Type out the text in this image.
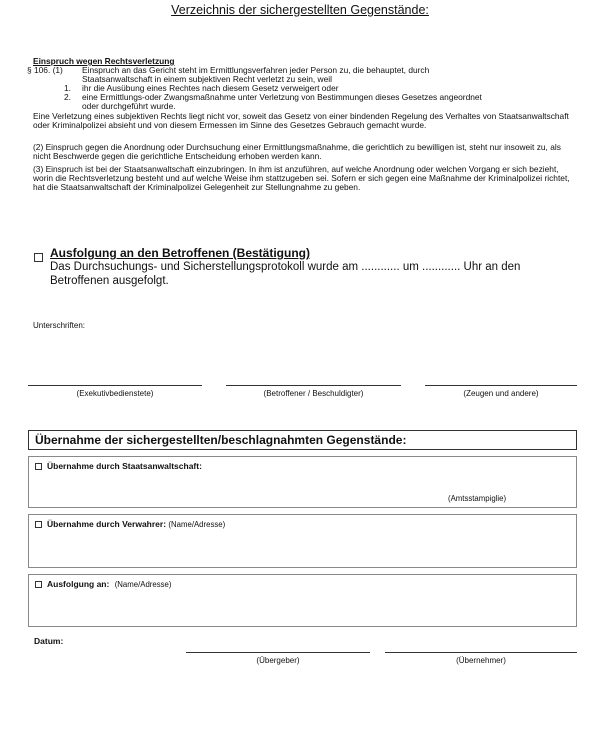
Verzeichnis der sichergestellten Gegenstände:
Einspruch wegen Rechtsverletzung
§ 106. (1) Einspruch an das Gericht steht im Ermittlungsverfahren jeder Person zu, die behauptet, durch
Staatsanwaltschaft in einem subjektiven Recht verletzt zu sein, weil
1. ihr die Ausübung eines Rechtes nach diesem Gesetz verweigert oder
2. eine Ermittlungs-oder Zwangsmaßnahme unter Verletzung von Bestimmungen dieses Gesetzes angeordnet
oder durchgeführt wurde.
Eine Verletzung eines subjektiven Rechts liegt nicht vor, soweit das Gesetz von einer bindenden Regelung des Verhaltes von Staatsanwaltschaft oder Kriminalpolizei absieht und von diesem Ermessen im Sinne des Gesetzes Gebrauch gemacht wurde.
(2) Einspruch gegen die Anordnung oder Durchsuchung einer Ermittlungsmaßnahme, die gerichtlich zu bewilligen ist, steht nur insoweit zu, als nicht Beschwerde gegen die gerichtliche Entscheidung erhoben werden kann.
(3) Einspruch ist bei der Staatsanwaltschaft einzubringen. In ihm ist anzuführen, auf welche Anordnung oder welchen Vorgang er sich bezieht, worin die Rechtsverletzung besteht und auf welche Weise ihm stattzugeben sei. Sofern er sich gegen eine Maßnahme der Kriminalpolizei richtet, hat die Staatsanwaltschaft der Kriminalpolizei Gelegenheit zur Stellungnahme zu geben.
Ausfolgung an den Betroffenen (Bestätigung)
Das Durchsuchungs- und Sicherstellungsprotokoll wurde am ............ um ............ Uhr an den Betroffenen ausgefolgt.
Unterschriften:
(Exekutivbedienstete)	(Betroffener / Beschuldigter)	(Zeugen und andere)
Übernahme der sichergestellten/beschlagnahmten Gegenstände:
Übernahme durch Staatsanwaltschaft:
(Amtsstampiglie)
Übernahme durch Verwahrer: (Name/Adresse)
Ausfolgung an: (Name/Adresse)
Datum:
(Übergeber)	(Übernehmer)
